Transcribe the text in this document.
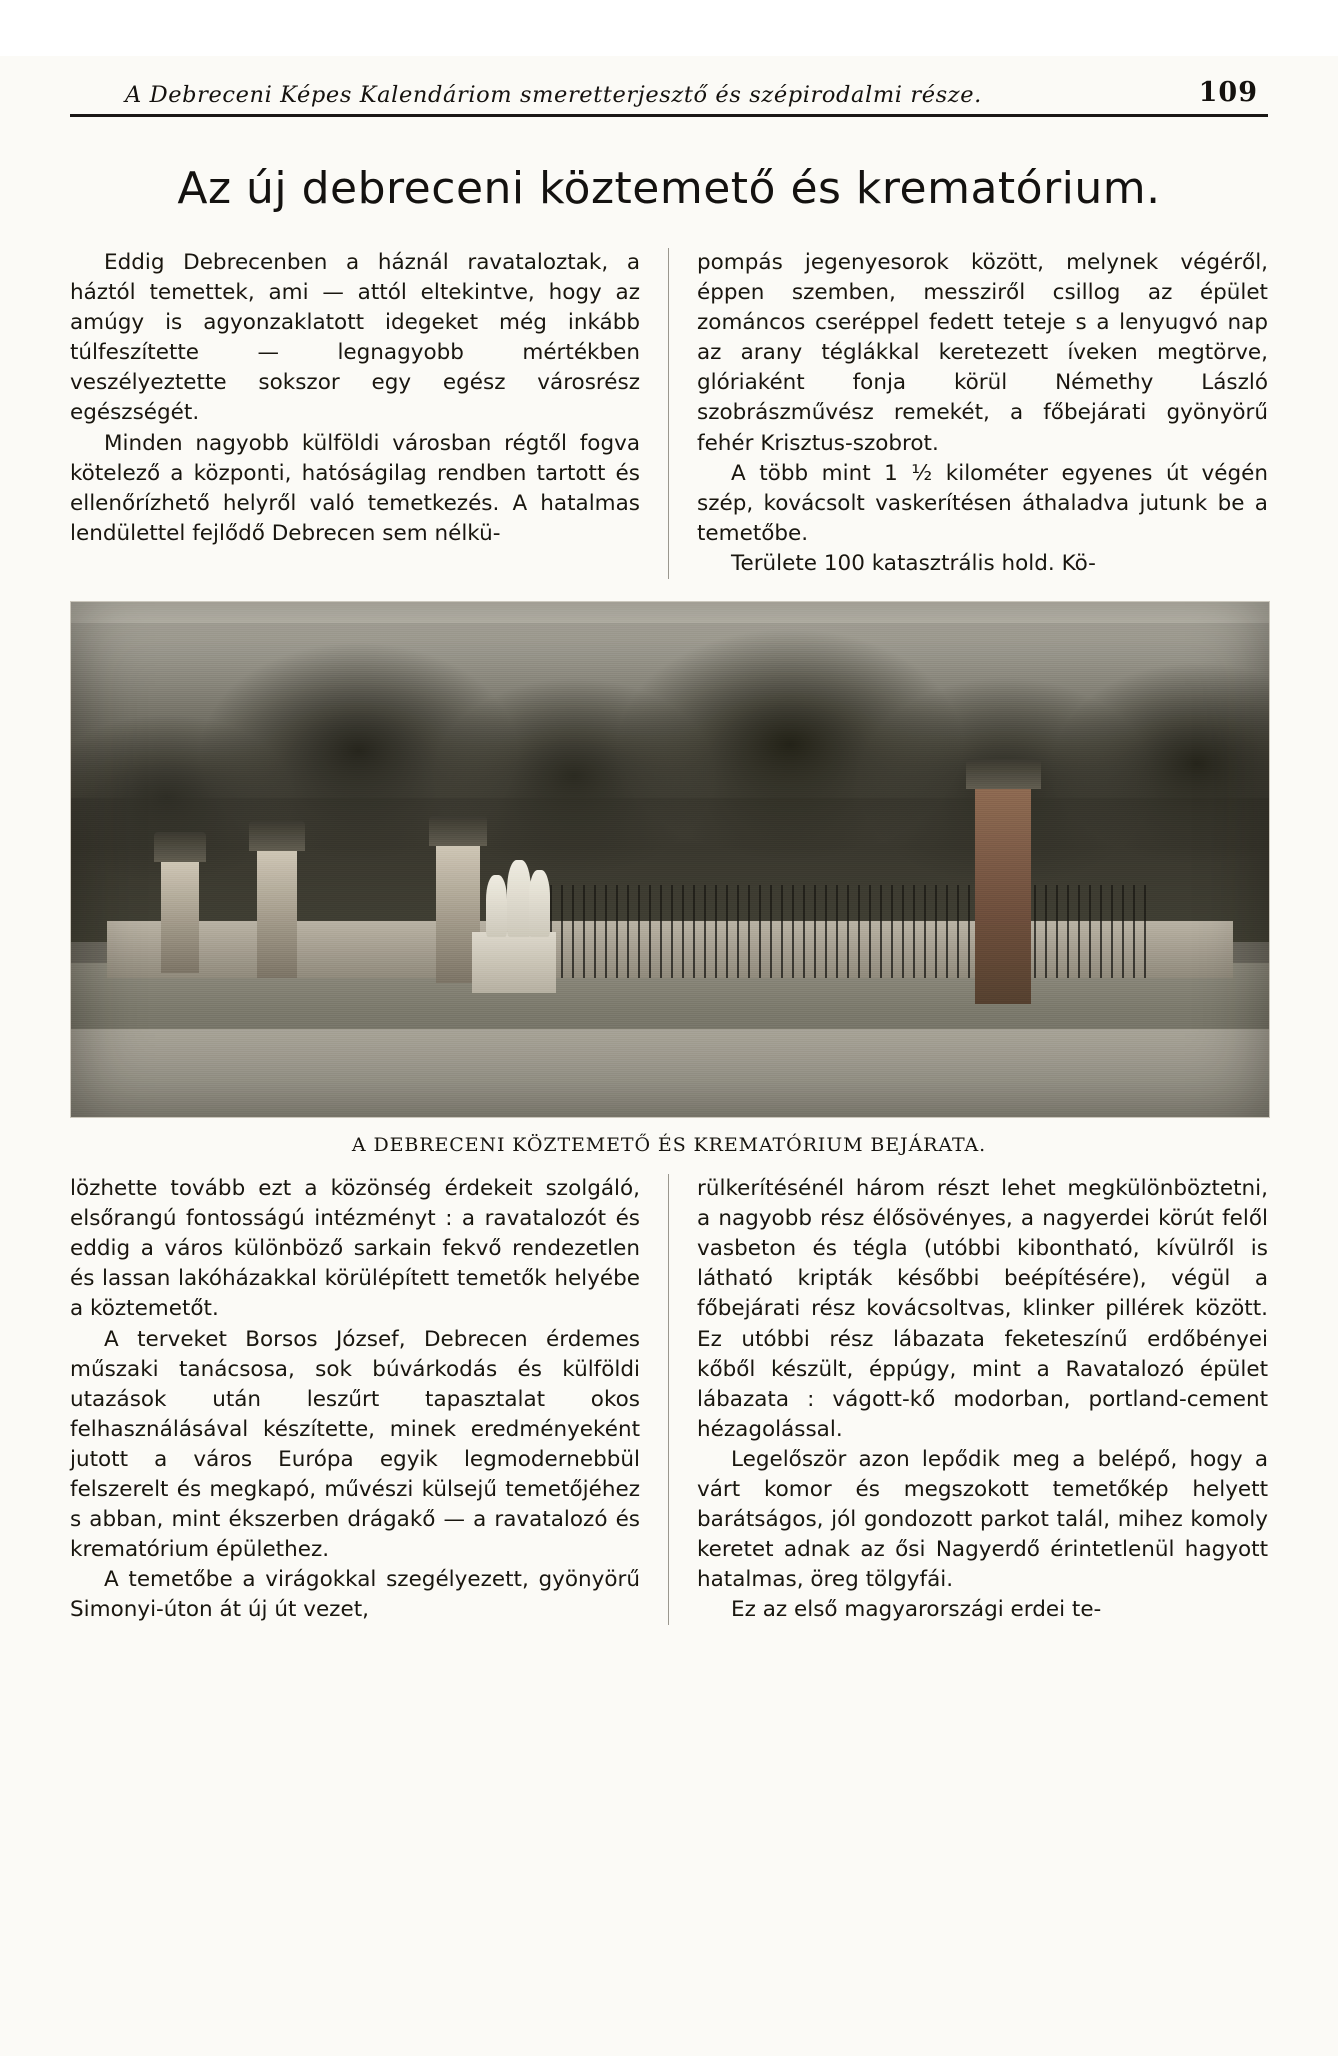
A Debreceni Képes Kalendáriom smeretterjesztő és szépirodalmi része.	109
Az új debreceni köztemető és krematórium.

Eddig Debrecenben a háznál ravataloztak, a háztól temettek, ami — attól eltekintve, hogy az amúgy is agyonzaklatott idegeket még inkább túlfeszítette — legnagyobb mértékben veszélyeztette sokszor egy egész városrész egészségét.

Minden nagyobb külföldi városban régtől fogva kötelező a központi, hatóságilag rendben tartott és ellenőrízhető helyről való temetkezés. A hatalmas lendülettel fejlődő Debrecen sem nélkü-

pompás jegenyesorok között, melynek végéről, éppen szemben, messziről csillog az épület zománcos cseréppel fedett teteje s a lenyugvó nap az arany téglákkal keretezett íveken megtörve, glóriaként fonja körül Némethy László szobrászművész remekét, a főbejárati gyönyörű fehér Krisztus-szobrot.

A több mint 1 ½ kilométer egyenes út végén szép, kovácsolt vaskerítésen áthaladva jutunk be a temetőbe.

Területe 100 katasztrális hold. Kö-

A DEBRECENI KÖZTEMETŐ ÉS KREMATÓRIUM BEJÁRATA.

lözhette tovább ezt a közönség érdekeit szolgáló, elsőrangú fontosságú intézményt : a ravatalozót és eddig a város különböző sarkain fekvő rendezetlen és lassan lakóházakkal körülépített temetők helyébe a köztemetőt.

A terveket Borsos József, Debrecen érdemes műszaki tanácsosa, sok búvárkodás és külföldi utazások után leszűrt tapasztalat okos felhasználásával készítette, minek eredményeként jutott a város Európa egyik legmodernebbül felszerelt és megkapó, művészi külsejű temetőjéhez s abban, mint ékszerben drágakő — a ravatalozó és krematórium épülethez.

A temetőbe a virágokkal szegélyezett, gyönyörű Simonyi-úton át új út vezet,

rülkerítésénél három részt lehet megkülönböztetni, a nagyobb rész élősövényes, a nagyerdei körút felől vasbeton és tégla (utóbbi kibontható, kívülről is látható kripták későbbi beépítésére), végül a főbejárati rész kovácsoltvas, klinker pillérek között. Ez utóbbi rész lábazata feketeszínű erdőbényei kőből készült, éppúgy, mint a Ravatalozó épület lábazata : vágott-kő modorban, portland-cement hézagolással.

Legelőször azon lepődik meg a belépő, hogy a várt komor és megszokott temetőkép helyett barátságos, jól gondozott parkot talál, mihez komoly keretet adnak az ősi Nagyerdő érintetlenül hagyott hatalmas, öreg tölgyfái.

Ez az első magyarországi erdei te-
